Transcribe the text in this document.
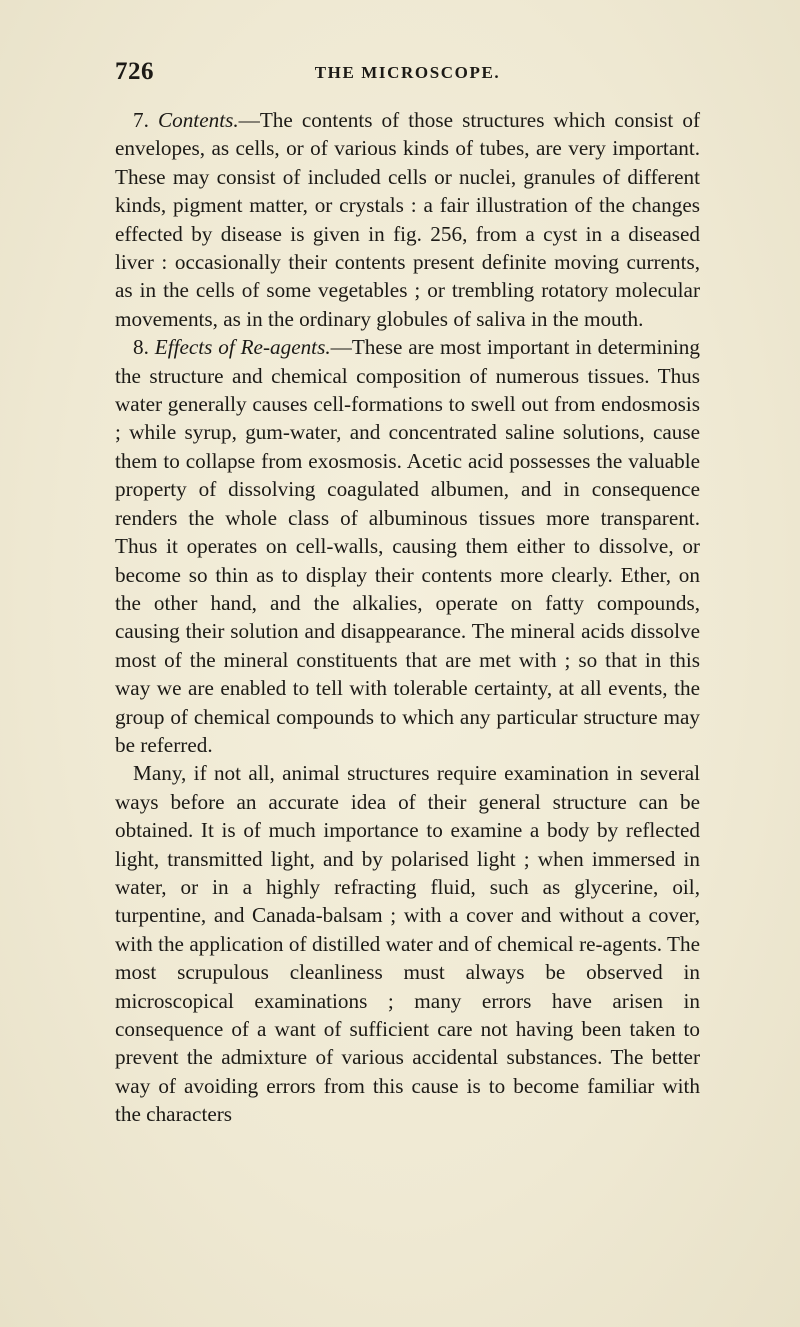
726	THE MICROSCOPE.

7. Contents.—The contents of those structures which consist of envelopes, as cells, or of various kinds of tubes, are very important. These may consist of included cells or nuclei, granules of different kinds, pigment matter, or crystals : a fair illustration of the changes effected by disease is given in fig. 256, from a cyst in a diseased liver : occasionally their contents present definite moving currents, as in the cells of some vegetables ; or trembling rotatory molecular movements, as in the ordinary globules of saliva in the mouth.

8. Effects of Re-agents.—These are most important in determining the structure and chemical composition of numerous tissues. Thus water generally causes cell-formations to swell out from endosmosis ; while syrup, gum-water, and concentrated saline solutions, cause them to collapse from exosmosis. Acetic acid possesses the valuable property of dissolving coagulated albumen, and in consequence renders the whole class of albuminous tissues more transparent. Thus it operates on cell-walls, causing them either to dissolve, or become so thin as to display their contents more clearly. Ether, on the other hand, and the alkalies, operate on fatty compounds, causing their solution and disappearance. The mineral acids dissolve most of the mineral constituents that are met with ; so that in this way we are enabled to tell with tolerable certainty, at all events, the group of chemical compounds to which any particular structure may be referred.

Many, if not all, animal structures require examination in several ways before an accurate idea of their general structure can be obtained. It is of much importance to examine a body by reflected light, transmitted light, and by polarised light ; when immersed in water, or in a highly refracting fluid, such as glycerine, oil, turpentine, and Canada-balsam ; with a cover and without a cover, with the application of distilled water and of chemical re-agents. The most scrupulous cleanliness must always be observed in microscopical examinations ; many errors have arisen in consequence of a want of sufficient care not having been taken to prevent the admixture of various accidental substances. The better way of avoiding errors from this cause is to become familiar with the characters
